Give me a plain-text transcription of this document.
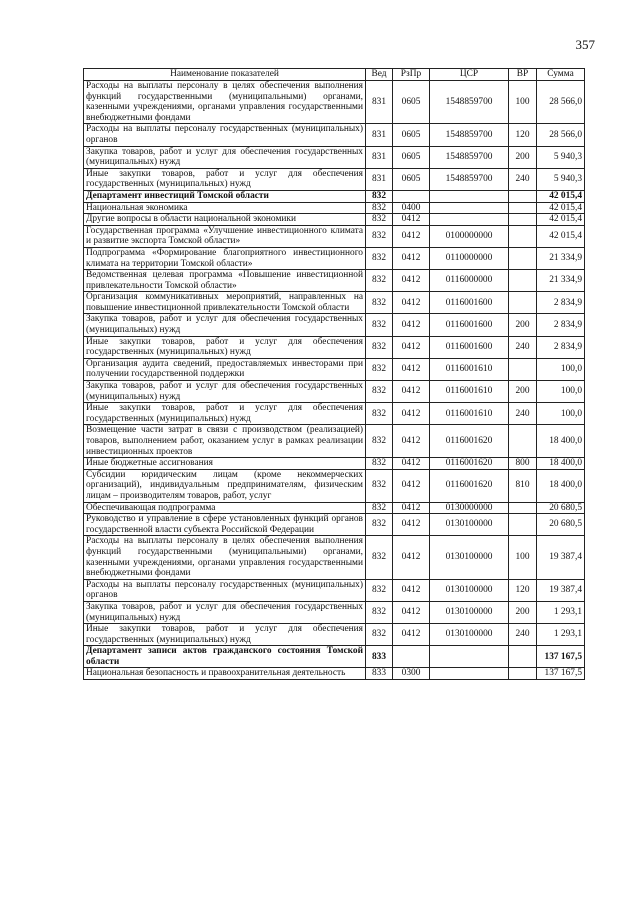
357
Наименование показателей	Вед	РзПр	ЦСР	ВР	Сумма
Расходы на выплаты персоналу в целях обеспечения выполнения функций государственными (муниципальными) органами, казенными учреждениями, органами управления государственными внебюджетными фондами	831	0605	1548859700	100	28 566,0
Расходы на выплаты персоналу государственных (муниципальных) органов	831	0605	1548859700	120	28 566,0
Закупка товаров, работ и услуг для обеспечения государственных (муниципальных) нужд	831	0605	1548859700	200	5 940,3
Иные закупки товаров, работ и услуг для обеспечения государственных (муниципальных) нужд	831	0605	1548859700	240	5 940,3
Департамент инвестиций Томской области	832				42 015,4
Национальная экономика	832	0400			42 015,4
Другие вопросы в области национальной экономики	832	0412			42 015,4
Государственная программа «Улучшение инвестиционного климата и развитие экспорта Томской области»	832	0412	0100000000		42 015,4
Подпрограмма «Формирование благоприятного инвестиционного климата на территории Томской области»	832	0412	0110000000		21 334,9
Ведомственная целевая программа «Повышение инвестиционной привлекательности Томской области»	832	0412	0116000000		21 334,9
Организация коммуникативных мероприятий, направленных на повышение инвестиционной привлекательности Томской области	832	0412	0116001600		2 834,9
Закупка товаров, работ и услуг для обеспечения государственных (муниципальных) нужд	832	0412	0116001600	200	2 834,9
Иные закупки товаров, работ и услуг для обеспечения государственных (муниципальных) нужд	832	0412	0116001600	240	2 834,9
Организация аудита сведений, предоставляемых инвесторами при получении государственной поддержки	832	0412	0116001610		100,0
Закупка товаров, работ и услуг для обеспечения государственных (муниципальных) нужд	832	0412	0116001610	200	100,0
Иные закупки товаров, работ и услуг для обеспечения государственных (муниципальных) нужд	832	0412	0116001610	240	100,0
Возмещение части затрат в связи с производством (реализацией) товаров, выполнением работ, оказанием услуг в рамках реализации инвестиционных проектов	832	0412	0116001620		18 400,0
Иные бюджетные ассигнования	832	0412	0116001620	800	18 400,0
Субсидии юридическим лицам (кроме некоммерческих организаций), индивидуальным предпринимателям, физическим лицам – производителям товаров, работ, услуг	832	0412	0116001620	810	18 400,0
Обеспечивающая подпрограмма	832	0412	0130000000		20 680,5
Руководство и управление в сфере установленных функций органов государственной власти субъекта Российской Федерации	832	0412	0130100000		20 680,5
Расходы на выплаты персоналу в целях обеспечения выполнения функций государственными (муниципальными) органами, казенными учреждениями, органами управления государственными внебюджетными фондами	832	0412	0130100000	100	19 387,4
Расходы на выплаты персоналу государственных (муниципальных) органов	832	0412	0130100000	120	19 387,4
Закупка товаров, работ и услуг для обеспечения государственных (муниципальных) нужд	832	0412	0130100000	200	1 293,1
Иные закупки товаров, работ и услуг для обеспечения государственных (муниципальных) нужд	832	0412	0130100000	240	1 293,1
Департамент записи актов гражданского состояния Томской области	833				137 167,5
Национальная безопасность и правоохранительная деятельность	833	0300			137 167,5
